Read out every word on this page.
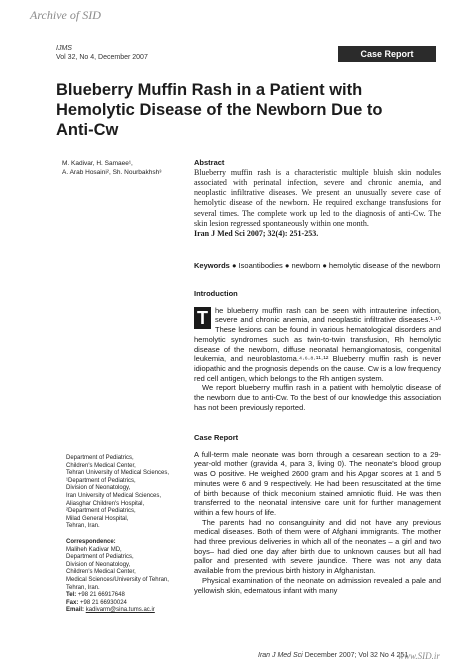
Archive of SID
IJMS
Vol 32, No 4, December 2007	Case Report
Blueberry Muffin Rash in a Patient with Hemolytic Disease of the Newborn Due to Anti-Cw
M. Kadivar, H. Samaee¹,
A. Arab Hosaini², Sh. Nourbakhsh³
Abstract
Blueberry muffin rash is a characteristic multiple bluish skin nodules associated with perinatal infection, severe and chronic anemia, and neoplastic infiltrative diseases. We present an unusually severe case of hemolytic disease of the newborn. He required exchange transfusions for several times. The complete work up led to the diagnosis of anti-Cw. The skin lesion regressed spontaneously within one month.
Iran J Med Sci 2007; 32(4): 251-253.
Keywords ● Isoantibodies ● newborn ● hemolytic disease of the newborn
Introduction
T he blueberry muffin rash can be seen with intrauterine infection, severe and chronic anemia, and neoplastic infiltrative diseases.¹·¹⁰ These lesions can be found in various hematological disorders and hemolytic syndromes such as twin-to-twin transfusion, Rh hemolytic disease of the newborn, diffuse neonatal hemangiomatosis, congenital leukemia, and neuroblastoma.⁴·⁶·⁸·¹¹·¹² Blueberry muffin rash is never idiopathic and the prognosis depends on the cause. Cw is a low frequency red cell antigen, which belongs to the Rh antigen system.
We report blueberry muffin rash in a patient with hemolytic disease of the newborn due to anti-Cw. To the best of our knowledge this association has not been previously reported.
Case Report
A full-term male neonate was born through a cesarean section to a 29-year-old mother (gravida 4, para 3, living 0). The neonate's blood group was O positive. He weighed 2600 gram and his Apgar scores at 1 and 5 minutes were 6 and 9 respectively. He had been resuscitated at the time of birth because of thick meconium stained amniotic fluid. He was then transferred to the neonatal intensive care unit for further management within a few hours of life.
The parents had no consanguinity and did not have any previous medical diseases. Both of them were of Afghani immigrants. The mother had three previous deliveries in which all of the neonates – a girl and two boys– had died one day after birth due to unknown causes but all had pallor and presented with severe jaundice. There was not any data available from the previous birth history in Afghanistan.
Physical examination of the neonate on admission revealed a pale and yellowish skin, edematous infant with many
Department of Pediatrics,
Children's Medical Center,
Tehran University of Medical Sciences,
¹Department of Pediatrics,
Division of Neonatology,
Iran University of Medical Sciences,
Aliasghar Children's Hospital,
²Department of Pediatrics,
Milad General Hospital,
Tehran, Iran.
Correspondence:
Maliheh Kadivar MD,
Department of Pediatrics,
Division of Neonatology,
Children's Medical Center,
Medical Sciences/University of Tehran,
Tehran, Iran.
Tel: +98 21 66917648
Fax: +98 21 66930024
Email: kadivarm@sina.tums.ac.ir
Iran J Med Sci December 2007; Vol 32 No 4 251
www.SID.ir
